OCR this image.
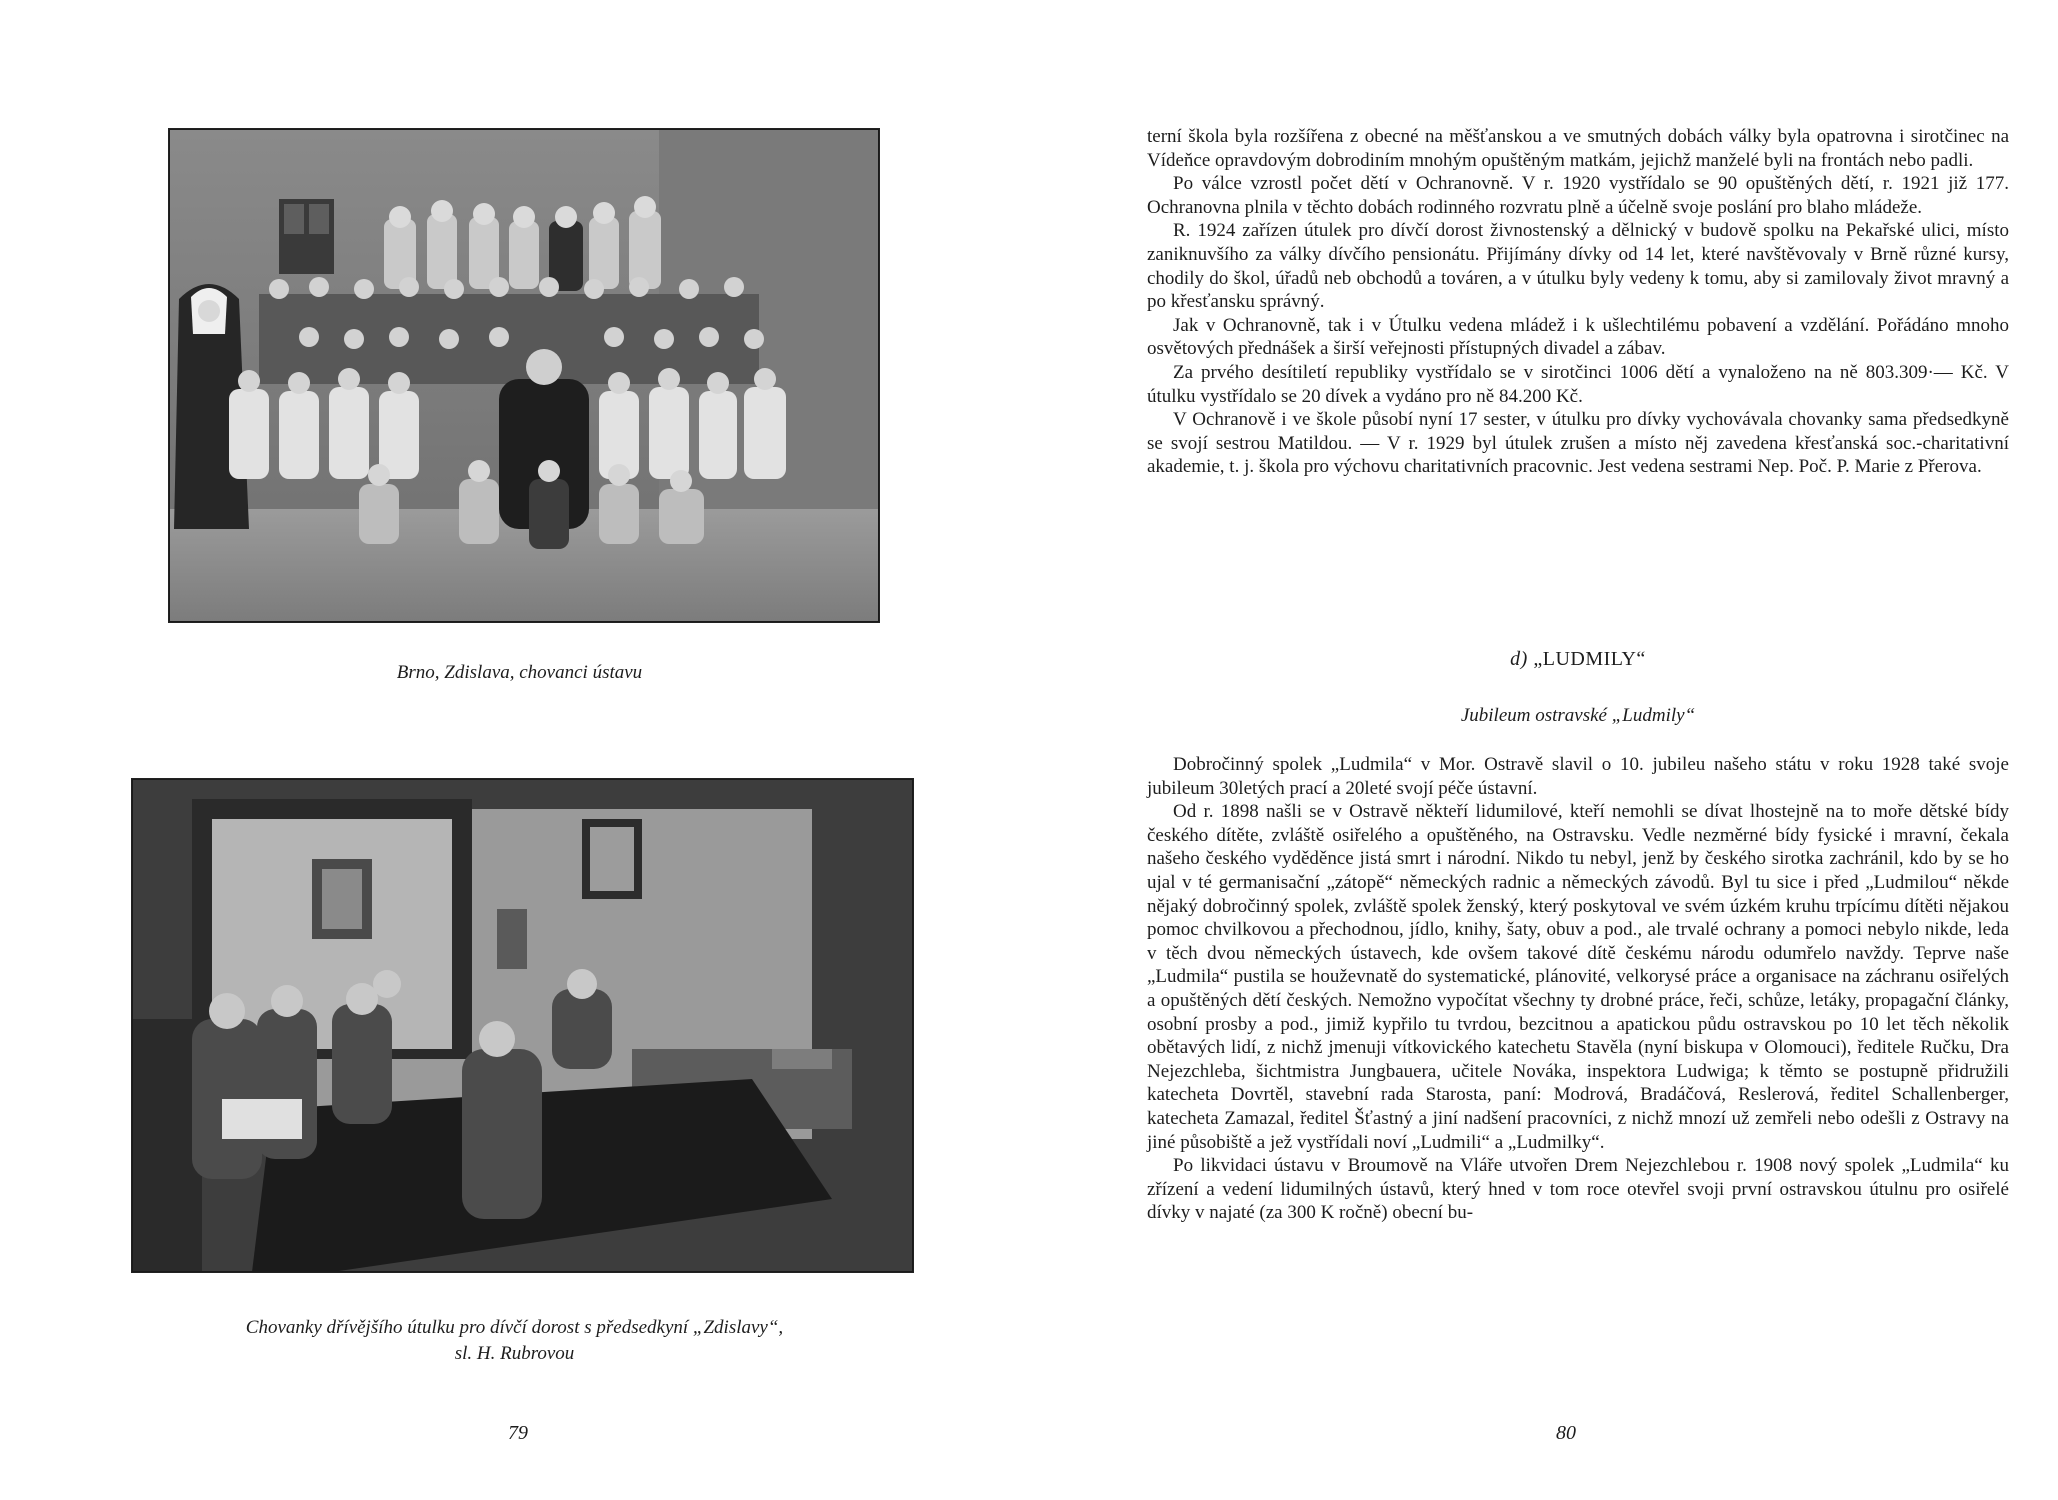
Brno, Zdislava, chovanci ústavu
Chovanky dřívějšího útulku pro dívčí dorost s předsedkyní „Zdislavy“,
sl. H. Rubrovou
79

terní škola byla rozšířena z obecné na měšťanskou a ve smutných dobách války byla opatrovna i sirotčinec na Vídeňce opravdovým dobrodiním mnohým opuštěným matkám, jejichž manželé byli na frontách nebo padli.

Po válce vzrostl počet dětí v Ochranovně. V r. 1920 vystřídalo se 90 opuštěných dětí, r. 1921 již 177. Ochranovna plnila v těchto dobách rodinného rozvratu plně a účelně svoje poslání pro blaho mládeže.

R. 1924 zařízen útulek pro dívčí dorost živnostenský a dělnický v budově spolku na Pekařské ulici, místo zaniknuvšího za války dívčího pensionátu. Přijímány dívky od 14 let, které navštěvovaly v Brně různé kursy, chodily do škol, úřadů neb obchodů a továren, a v útulku byly vedeny k tomu, aby si zamilovaly život mravný a po křesťansku správný.

Jak v Ochranovně, tak i v Útulku vedena mládež i k ušlechtilému pobavení a vzdělání. Pořádáno mnoho osvětových přednášek a širší veřejnosti přístupných divadel a zábav.

Za prvého desítiletí republiky vystřídalo se v sirotčinci 1006 dětí a vynaloženo na ně 803.309·— Kč. V útulku vystřídalo se 20 dívek a vydáno pro ně 84.200 Kč.

V Ochranově i ve škole působí nyní 17 sester, v útulku pro dívky vychovávala chovanky sama předsedkyně se svojí sestrou Matildou. — V r. 1929 byl útulek zrušen a místo něj zavedena křesťanská soc.-charitativní akademie, t. j. škola pro výchovu charitativních pracovnic. Jest vedena sestrami Nep. Poč. P. Marie z Přerova.

d) „LUDMILY“
Jubileum ostravské „Ludmily“

Dobročinný spolek „Ludmila“ v Mor. Ostravě slavil o 10. jubileu našeho státu v roku 1928 také svoje jubileum 30letých prací a 20leté svojí péče ústavní.

Od r. 1898 našli se v Ostravě někteří lidumilové, kteří nemohli se dívat lhostejně na to moře dětské bídy českého dítěte, zvláště osiřelého a opuštěného, na Ostravsku. Vedle nezměrné bídy fysické i mravní, čekala našeho českého vyděděnce jistá smrt i národní. Nikdo tu nebyl, jenž by českého sirotka zachránil, kdo by se ho ujal v té germanisační „zátopě“ německých radnic a německých závodů. Byl tu sice i před „Ludmilou“ někde nějaký dobročinný spolek, zvláště spolek ženský, který poskytoval ve svém úzkém kruhu trpícímu dítěti nějakou pomoc chvilkovou a přechodnou, jídlo, knihy, šaty, obuv a pod., ale trvalé ochrany a pomoci nebylo nikde, leda v těch dvou německých ústavech, kde ovšem takové dítě českému národu odumřelo navždy. Teprve naše „Ludmila“ pustila se houževnatě do systematické, plánovité, velkorysé práce a organisace na záchranu osiřelých a opuštěných dětí českých. Nemožno vypočítat všechny ty drobné práce, řeči, schůze, letáky, propagační články, osobní prosby a pod., jimiž kypřilo tu tvrdou, bezcitnou a apatickou půdu ostravskou po 10 let těch několik obětavých lidí, z nichž jmenuji vítkovického katechetu Stavěla (nyní biskupa v Olomouci), ředitele Ručku, Dra Nejezchleba, šichtmistra Jungbauera, učitele Nováka, inspektora Ludwiga; k těmto se postupně přidružili katecheta Dovrtěl, stavební rada Starosta, paní: Modrová, Bradáčová, Reslerová, ředitel Schallenberger, katecheta Zamazal, ředitel Šťastný a jiní nadšení pracovníci, z nichž mnozí už zemřeli nebo odešli z Ostravy na jiné působiště a jež vystřídali noví „Ludmili“ a „Ludmilky“.

Po likvidaci ústavu v Broumově na Vláře utvořen Drem Nejezchlebou r. 1908 nový spolek „Ludmila“ ku zřízení a vedení lidumilných ústavů, který hned v tom roce otevřel svoji první ostravskou útulnu pro osiřelé dívky v najaté (za 300 K ročně) obecní bu-

80
